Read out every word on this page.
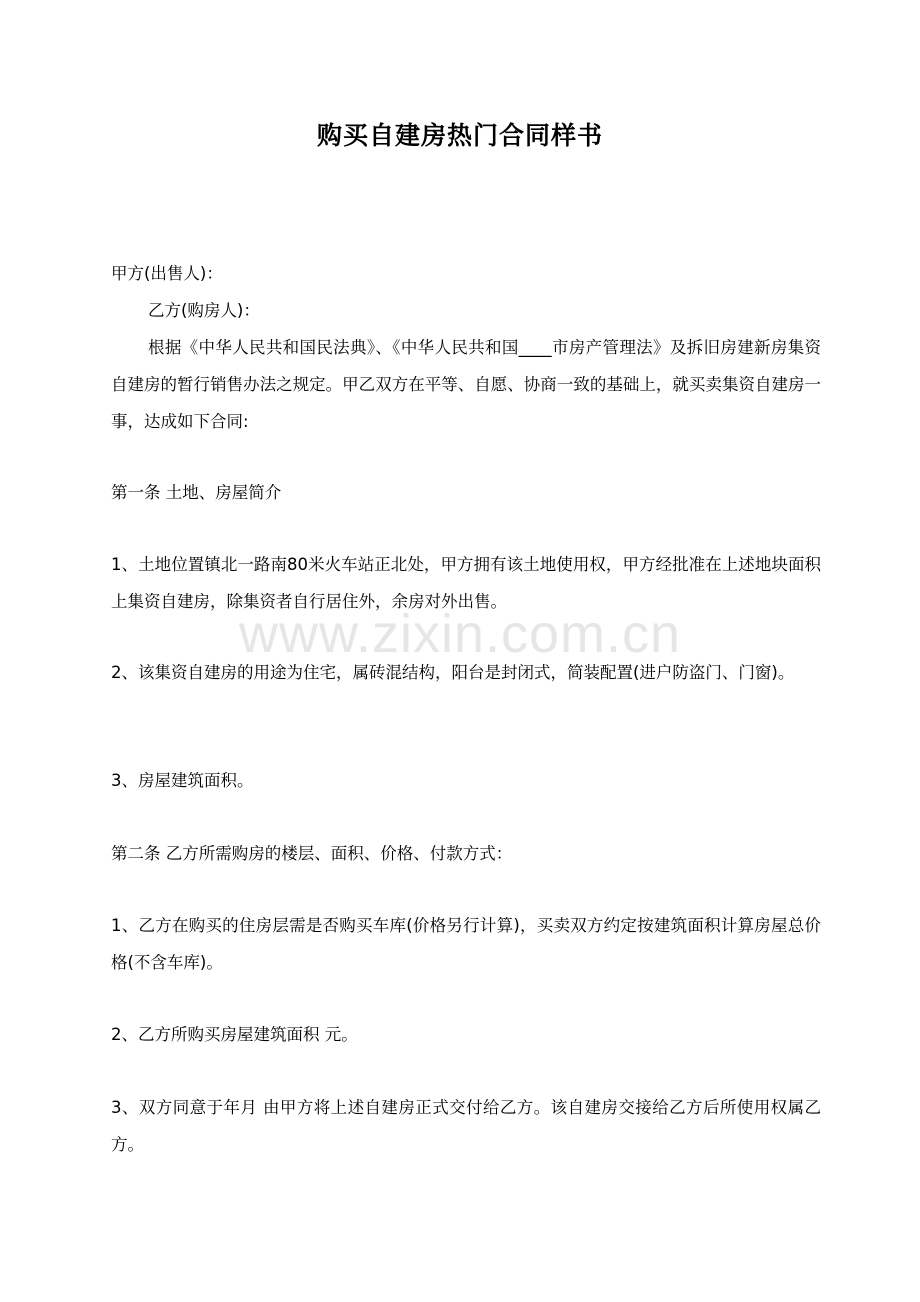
购买自建房热门合同样书
www.zixin.com.cn

甲方(出售人)：

乙方(购房人)：

根据《中华人民共和国民法典》、《中华人民共和国____市房产管理法》及拆旧房建新房集资自建房的暂行销售办法之规定。甲乙双方在平等、自愿、协商一致的基础上，就买卖集资自建房一事，达成如下合同:

第一条 土地、房屋简介

1、土地位置镇北一路南80米火车站正北处，甲方拥有该土地使用权，甲方经批准在上述地块面积上集资自建房，除集资者自行居住外，余房对外出售。

2、该集资自建房的用途为住宅，属砖混结构，阳台是封闭式，简装配置(进户防盗门、门窗)。

3、房屋建筑面积。

第二条 乙方所需购房的楼层、面积、价格、付款方式：

1、乙方在购买的住房层需是否购买车库(价格另行计算)，买卖双方约定按建筑面积计算房屋总价格(不含车库)。

2、乙方所购买房屋建筑面积 元。

3、双方同意于年月 由甲方将上述自建房正式交付给乙方。该自建房交接给乙方后所使用权属乙方。
